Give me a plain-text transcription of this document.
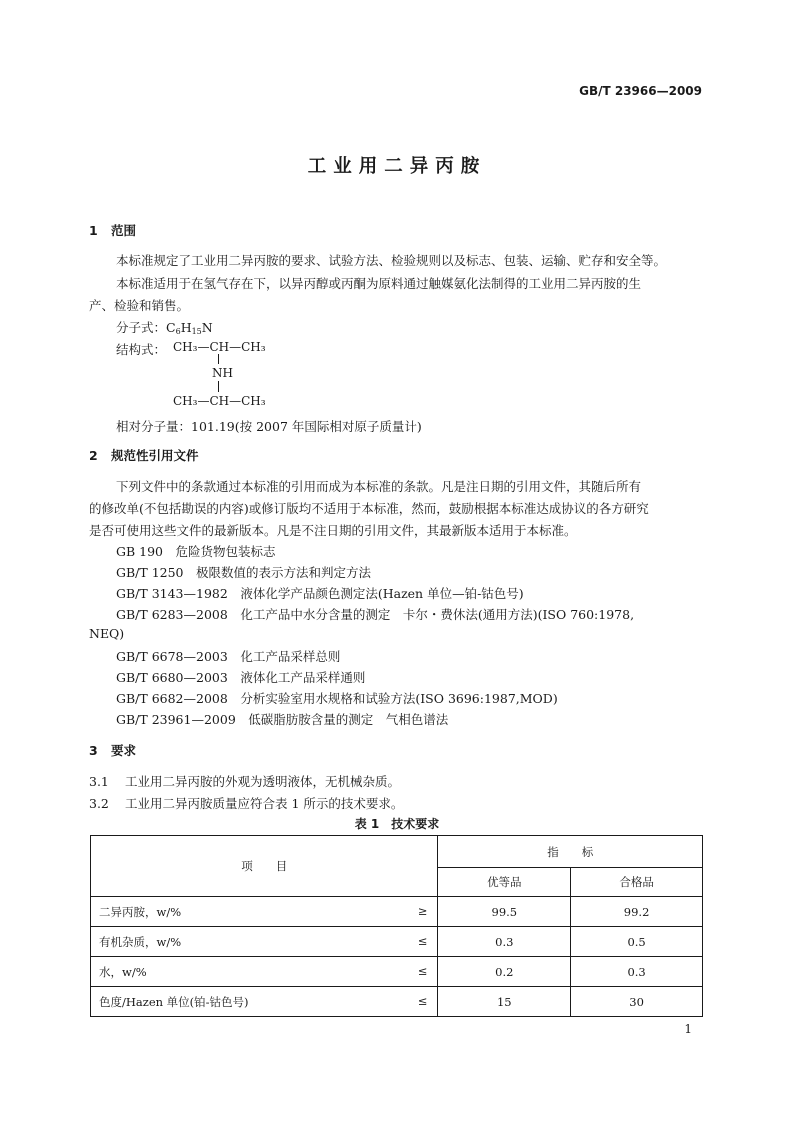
GB/T 23966—2009
工业用二异丙胺
1 范围
本标准规定了工业用二异丙胺的要求、试验方法、检验规则以及标志、包装、运输、贮存和安全等。
本标准适用于在氢气存在下，以异丙醇或丙酮为原料通过触媒氨化法制得的工业用二异丙胺的生
产、检验和销售。
分子式：$C_6H_{15}N$
结构式： CH₃—CH—CH₃
NH
CH₃—CH—CH₃
相对分子量：101.19(按 2007 年国际相对原子质量计)
2 规范性引用文件
下列文件中的条款通过本标准的引用而成为本标准的条款。凡是注日期的引用文件，其随后所有
的修改单(不包括勘误的内容)或修订版均不适用于本标准，然而，鼓励根据本标准达成协议的各方研究
是否可使用这些文件的最新版本。凡是不注日期的引用文件，其最新版本适用于本标准。
GB 190　 危险货物包装标志
GB/T 1250　 极限数值的表示方法和判定方法
GB/T 3143—1982　 液体化学产品颜色测定法(Hazen 单位—铂-钴色号)
GB/T 6283—2008　 化工产品中水分含量的测定　卡尔・费休法(通用方法)(ISO 760:1978,
NEQ)
GB/T 6678—2003　 化工产品采样总则
GB/T 6680—2003　 液体化工产品采样通则
GB/T 6682—2008　 分析实验室用水规格和试验方法(ISO 3696:1987,MOD)
GB/T 23961—2009　 低碳脂肪胺含量的测定　气相色谱法
3 要求
3.1 工业用二异丙胺的外观为透明液体，无机械杂质。
3.2 工业用二异丙胺质量应符合表 1 所示的技术要求。
表 1　技术要求
项　　目	指　　标	
	优等品	合格品
二异丙胺，w/% ≥	99.5	99.2
有机杂质，w/% ≤	0.3	0.5
水，w/% ≤	0.2	0.3
色度/Hazen 单位(铂-钴色号) ≤	15	30
1
